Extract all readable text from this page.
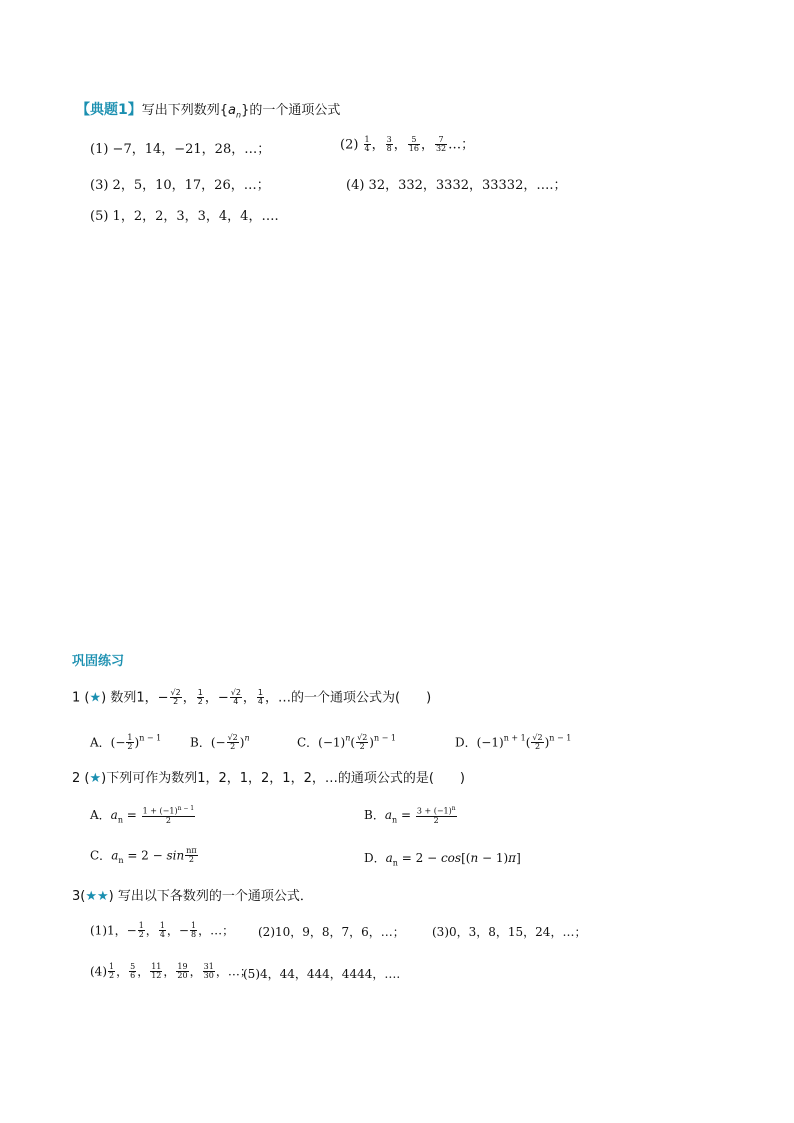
【典题1】写出下列数列$\{a_n\}$的一个通项公式
(1) −7，14，−21，28，…；	$(2) \frac{1}{4}$ ， $\frac{3}{8}$ ， $\frac{5}{16}$ ， $\frac{7}{32}$ …；
(3) 2，5，10，17，26，…；	(4) 32，332，3332，33332，….；
(5) 1，2，2，3，3，4，4，….
巩固练习
1 (★) 数列1，− $\frac{√2}{2}$ ， $\frac{1}{2}$ ，− $\frac{√2}{4}$ ， $\frac{1}{4}$ ，…的一个通项公式为(　　)
A．(− $\frac{1}{2} )^{n - 1}$ B．(− $\frac{√2}{2} )^n$	C．$(-1)^n( \frac{√2}{2} )^{n - 1}$	D．$(-1)^{n + 1}( \frac{√2}{2} )^{n - 1}$
2 (★)下列可作为数列1，2，1，2，1，2，…的通项公式的是(　　)
A．$a_n = \frac{1 + (-1)^{n - 1}}{2}$	B．$a_n = \frac{3 + (-1)^n}{2}$
C．$a_n = 2 - \sin \frac{n\pi}{2}$	D．$a_n = 2 - \cos[(n - 1)\pi]$
3(★★) 写出以下各数列的一个通项公式．
(1)1，− $\frac{1}{2}$ ， $\frac{1}{4}$ ，− $\frac{1}{8}$ ，…； (2)10，9，8，7，6，…； (3)0，3，8，15，24，…；
$(4) \frac{1}{2}$ ， $\frac{5}{6}$ ， $\frac{11}{12}$ ， $\frac{19}{20}$ ， $\frac{31}{30}$ ，…；
(5)4，44，444，4444，….
